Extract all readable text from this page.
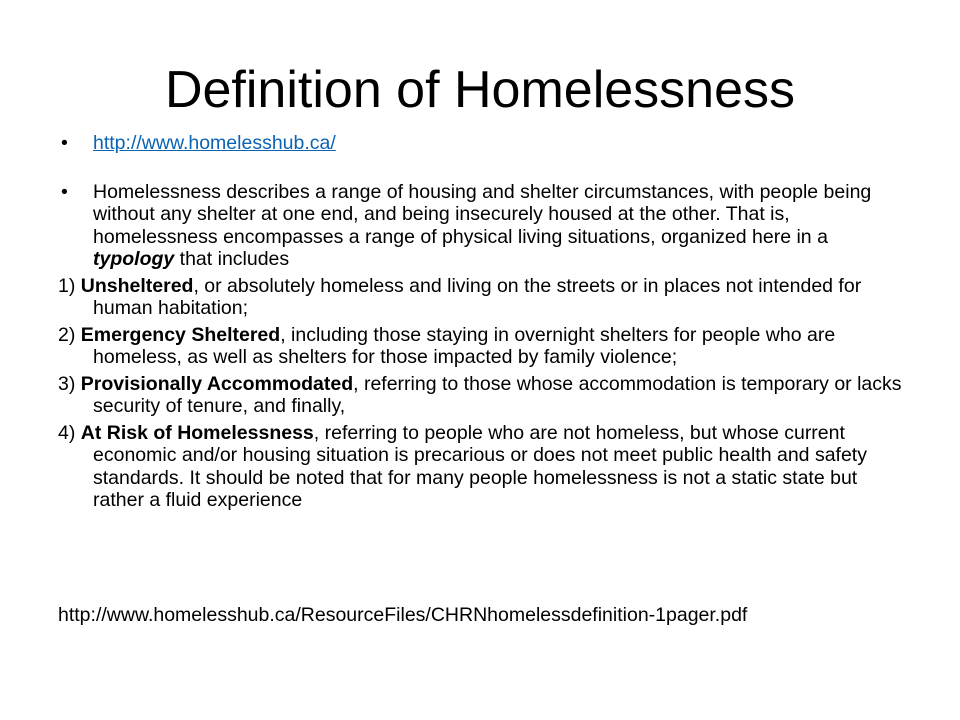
Definition of Homelessness
• http://www.homelesshub.ca/
• Homelessness describes a range of housing and shelter circumstances, with people being without any shelter at one end, and being insecurely housed at the other. That is, homelessness encompasses a range of physical living situations, organized here in a typology that includes
1) Unsheltered, or absolutely homeless and living on the streets or in places not intended for human habitation;
2) Emergency Sheltered, including those staying in overnight shelters for people who are homeless, as well as shelters for those impacted by family violence;
3) Provisionally Accommodated, referring to those whose accommodation is temporary or lacks security of tenure, and finally,
4) At Risk of Homelessness, referring to people who are not homeless, but whose current economic and/or housing situation is precarious or does not meet public health and safety standards. It should be noted that for many people homelessness is not a static state but rather a fluid experience
http://www.homelesshub.ca/ResourceFiles/CHRNhomelessdefinition-1pager.pdf
